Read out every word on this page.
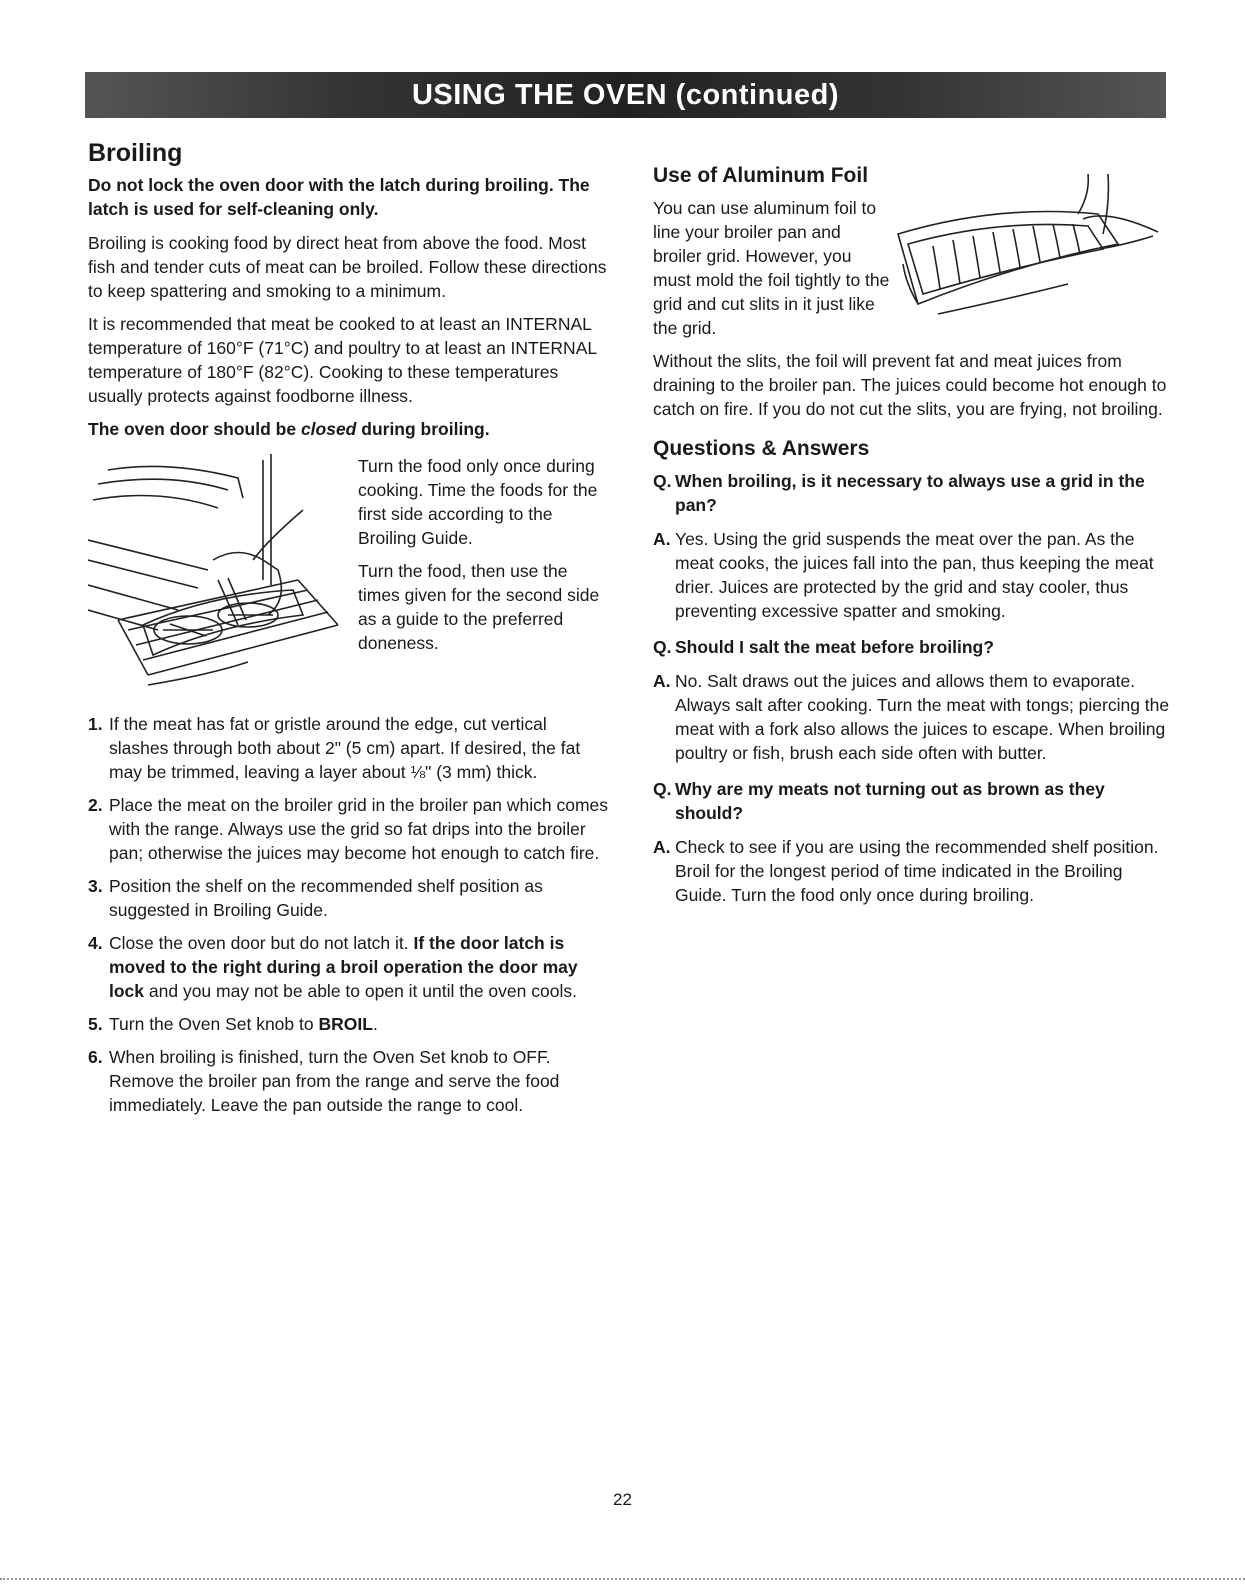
USING THE OVEN (continued)
Broiling

Do not lock the oven door with the latch during broiling. The latch is used for self-cleaning only.

Broiling is cooking food by direct heat from above the food. Most fish and tender cuts of meat can be broiled. Follow these directions to keep spattering and smoking to a minimum.

It is recommended that meat be cooked to at least an INTERNAL temperature of 160°F (71°C) and poultry to at least an INTERNAL temperature of 180°F (82°C). Cooking to these temperatures usually protects against foodborne illness.

The oven door should be closed during broiling.

Turn the food only once during cooking. Time the foods for the first side according to the Broiling Guide.

Turn the food, then use the times given for the second side as a guide to the preferred doneness.

1. If the meat has fat or gristle around the edge, cut vertical slashes through both about 2" (5 cm) apart. If desired, the fat may be trimmed, leaving a layer about ⅛" (3 mm) thick.
2. Place the meat on the broiler grid in the broiler pan which comes with the range. Always use the grid so fat drips into the broiler pan; otherwise the juices may become hot enough to catch fire.
3. Position the shelf on the recommended shelf position as suggested in Broiling Guide.
4. Close the oven door but do not latch it. If the door latch is moved to the right during a broil operation the door may lock and you may not be able to open it until the oven cools.
5. Turn the Oven Set knob to BROIL.
6. When broiling is finished, turn the Oven Set knob to OFF. Remove the broiler pan from the range and serve the food immediately. Leave the pan outside the range to cool.
Use of Aluminum Foil

You can use aluminum foil to line your broiler pan and broiler grid. However, you must mold the foil tightly to the grid and cut slits in it just like the grid.

Without the slits, the foil will prevent fat and meat juices from draining to the broiler pan. The juices could become hot enough to catch on fire. If you do not cut the slits, you are frying, not broiling.

Questions & Answers

Q. When broiling, is it necessary to always use a grid in the pan?

A. Yes. Using the grid suspends the meat over the pan. As the meat cooks, the juices fall into the pan, thus keeping the meat drier. Juices are protected by the grid and stay cooler, thus preventing excessive spatter and smoking.

Q. Should I salt the meat before broiling?

A. No. Salt draws out the juices and allows them to evaporate. Always salt after cooking. Turn the meat with tongs; piercing the meat with a fork also allows the juices to escape. When broiling poultry or fish, brush each side often with butter.

Q. Why are my meats not turning out as brown as they should?

A. Check to see if you are using the recommended shelf position. Broil for the longest period of time indicated in the Broiling Guide. Turn the food only once during broiling.

22
